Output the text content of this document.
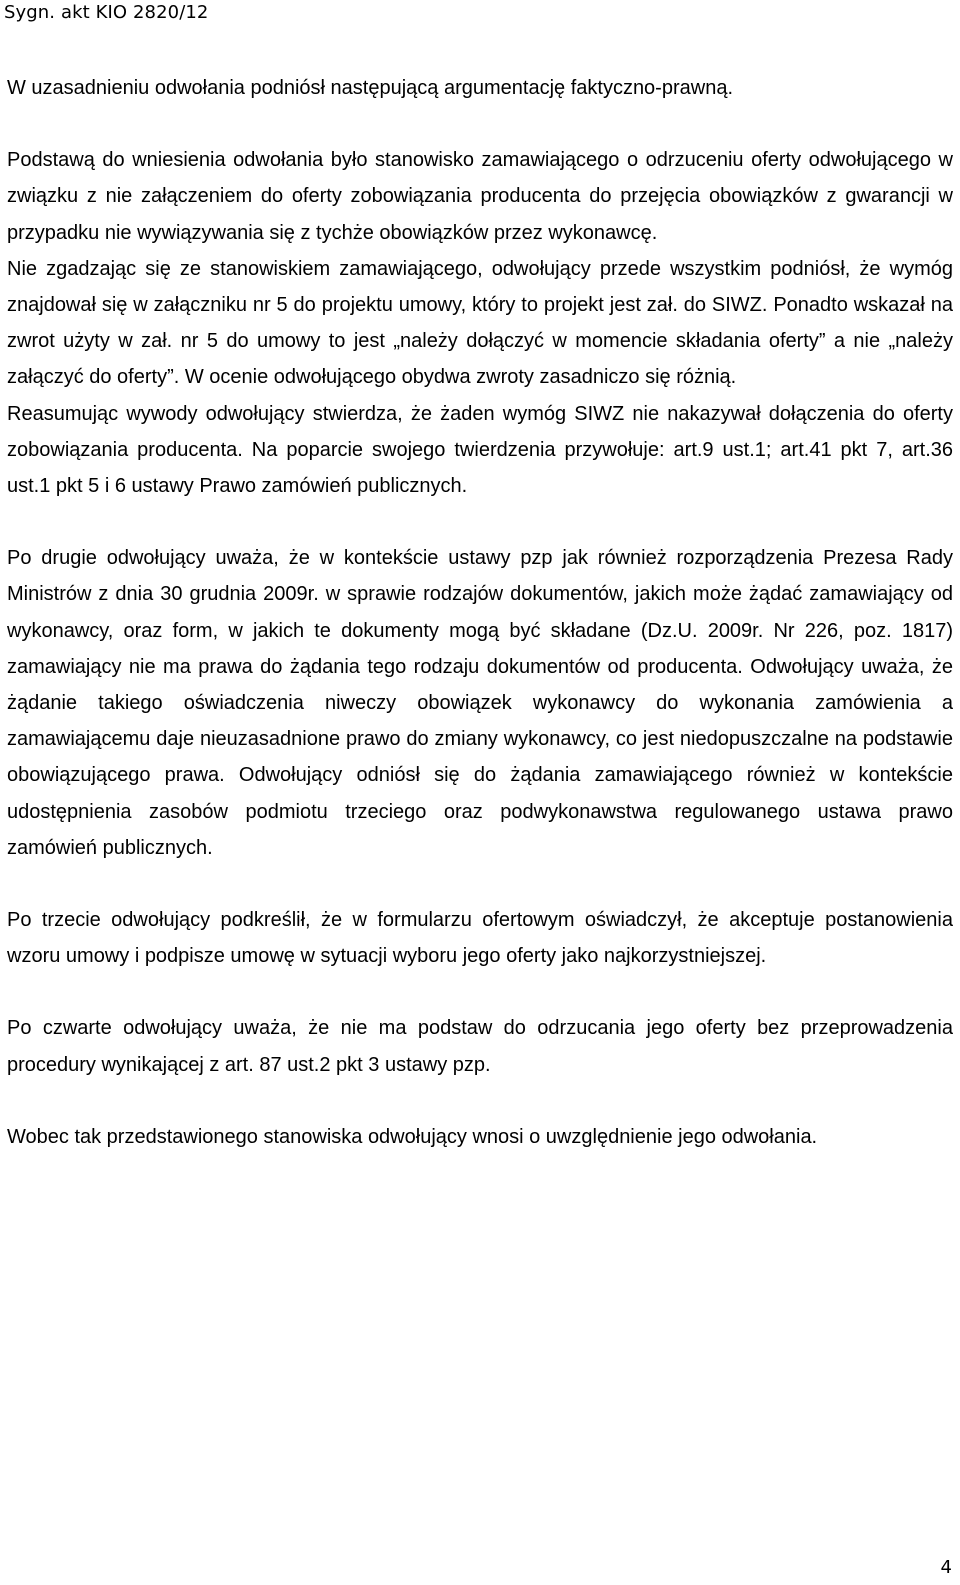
Sygn. akt KIO 2820/12

W uzasadnieniu odwołania podniósł następującą argumentację faktyczno-prawną.

Podstawą do wniesienia odwołania było stanowisko zamawiającego o odrzuceniu oferty odwołującego w związku z nie załączeniem do oferty zobowiązania producenta do przejęcia obowiązków z gwarancji w przypadku nie wywiązywania się z tychże obowiązków przez wykonawcę.

Nie zgadzając się ze stanowiskiem zamawiającego, odwołujący przede wszystkim podniósł, że wymóg znajdował się w załączniku nr 5 do projektu umowy, który to projekt jest zał. do SIWZ. Ponadto wskazał na zwrot użyty w zał. nr 5 do umowy to jest „należy dołączyć w momencie składania oferty” a nie „należy załączyć do oferty”. W ocenie odwołującego obydwa zwroty zasadniczo się różnią.

Reasumując wywody odwołujący stwierdza, że żaden wymóg SIWZ nie nakazywał dołączenia do oferty zobowiązania producenta. Na poparcie swojego twierdzenia przywołuje: art.9 ust.1; art.41 pkt 7, art.36 ust.1 pkt 5 i 6 ustawy Prawo zamówień publicznych.

Po drugie odwołujący uważa, że w kontekście ustawy pzp jak również rozporządzenia Prezesa Rady Ministrów z dnia 30 grudnia 2009r. w sprawie rodzajów dokumentów, jakich może żądać zamawiający od wykonawcy, oraz form, w jakich te dokumenty mogą być składane (Dz.U. 2009r. Nr 226, poz. 1817) zamawiający nie ma prawa do żądania tego rodzaju dokumentów od producenta. Odwołujący uważa, że żądanie takiego oświadczenia niweczy obowiązek wykonawcy do wykonania zamówienia a zamawiającemu daje nieuzasadnione prawo do zmiany wykonawcy, co jest niedopuszczalne na podstawie obowiązującego prawa. Odwołujący odniósł się do żądania zamawiającego również w kontekście udostępnienia zasobów podmiotu trzeciego oraz podwykonawstwa regulowanego ustawa prawo zamówień publicznych.

Po trzecie odwołujący podkreślił, że w formularzu ofertowym oświadczył, że akceptuje postanowienia wzoru umowy i podpisze umowę w sytuacji wyboru jego oferty jako najkorzystniejszej.

Po czwarte odwołujący uważa, że nie ma podstaw do odrzucania jego oferty bez przeprowadzenia procedury wynikającej z art. 87 ust.2 pkt 3 ustawy pzp.

Wobec tak przedstawionego stanowiska odwołujący wnosi o uwzględnienie jego odwołania.

4
